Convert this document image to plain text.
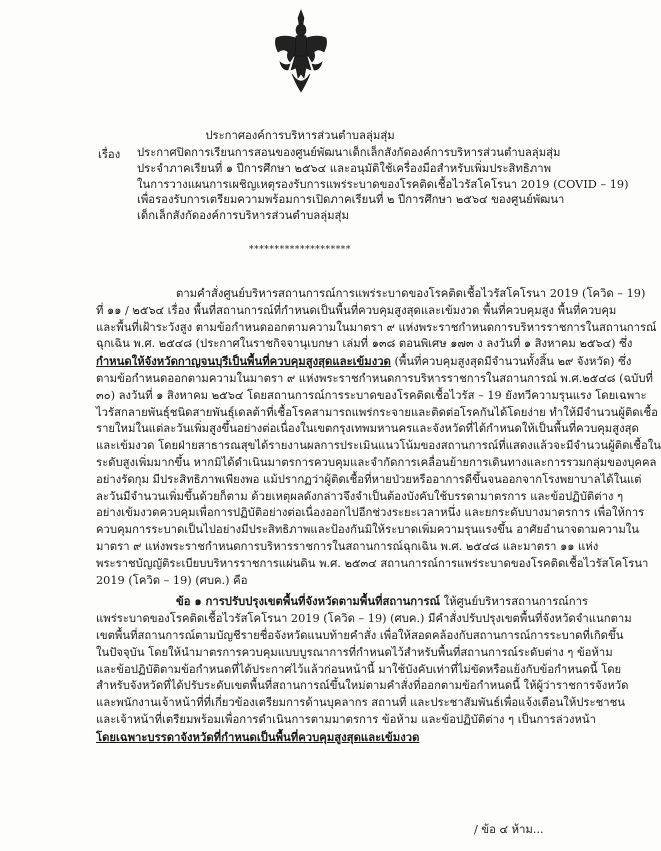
ประกาศองค์การบริหารส่วนตำบลลุ่มสุ่ม
เรื่อง ประกาศปิดการเรียนการสอนของศูนย์พัฒนาเด็กเล็กสังกัดองค์การบริหารส่วนตำบลลุ่มสุ่ม
ประจำภาคเรียนที่ ๑ ปีการศึกษา ๒๕๖๔ และอนุมัติใช้เครื่องมือสำหรับเพิ่มประสิทธิภาพ
ในการวางแผนการเผชิญเหตุรองรับการแพร่ระบาดของโรคติดเชื้อไวรัสโคโรนา 2019 (COVID – 19)
เพื่อรองรับการเตรียมความพร้อมการเปิดภาคเรียนที่ ๒ ปีการศึกษา ๒๕๖๔ ของศูนย์พัฒนา
เด็กเล็กสังกัดองค์การบริหารส่วนตำบลลุ่มสุ่ม
********************
ตามคำสั่งศูนย์บริหารสถานการณ์การแพร่ระบาดของโรคติดเชื้อไวรัสโคโรนา 2019 (โควิด – 19)
ที่ ๑๑ / ๒๕๖๔ เรื่อง พื้นที่สถานการณ์ที่กำหนดเป็นพื้นที่ควบคุมสูงสุดและเข้มงวด พื้นที่ควบคุมสูง พื้นที่ควบคุม
และพื้นที่เฝ้าระวังสูง ตามข้อกำหนดออกตามความในมาตรา ๙ แห่งพระราชกำหนดการบริหารราชการในสถานการณ์
ฉุกเฉิน พ.ศ. ๒๕๔๘ (ประกาศในราชกิจจานุเบกษา เล่มที่ ๑๓๘ ตอนพิเศษ ๑๗๓ ง ลงวันที่ ๑ สิงหาคม ๒๕๖๔) ซึ่ง
กำหนดให้จังหวัดกาญจนบุรีเป็นพื้นที่ควบคุมสูงสุดและเข้มงวด (พื้นที่ควบคุมสูงสุดมีจำนวนทั้งสิ้น ๒๙ จังหวัด) ซึ่ง
ตามข้อกำหนดออกตามความในมาตรา ๙ แห่งพระราชกำหนดการบริหารราชการในสถานการณ์ พ.ศ.๒๕๔๘ (ฉบับที่
๓๐) ลงวันที่ ๑ สิงหาคม ๒๕๖๔ โดยสถานการณ์การระบาดของโรคติดเชื้อไวรัส – 19 ยังทวีความรุนแรง โดยเฉพาะ
ไวรัสกลายพันธุ์ชนิดสายพันธุ์เดลต้าที่เชื้อโรคสามารถแพร่กระจายและติดต่อโรคกันได้โดยง่าย ทำให้มีจำนวนผู้ติดเชื้อ
รายใหม่ในแต่ละวันเพิ่มสูงขึ้นอย่างต่อเนื่องในเขตกรุงเทพมหานครและจังหวัดที่ได้กำหนดให้เป็นพื้นที่ควบคุมสูงสุด
และเข้มงวด โดยฝ่ายสาธารณสุขได้รายงานผลการประเมินแนวโน้มของสถานการณ์ที่แสดงแล้วจะมีจำนวนผู้ติดเชื้อใน
ระดับสูงเพิ่มมากขึ้น หากมิได้ดำเนินมาตรการควบคุมและจำกัดการเคลื่อนย้ายการเดินทางและการรวมกลุ่มของบุคคล
อย่างรัดกุม มีประสิทธิภาพเพียงพอ แม้ปรากฏว่าผู้ติดเชื้อที่หายป่วยหรืออาการดีขึ้นจนออกจากโรงพยาบาลได้ในแต่
ละวันมีจำนวนเพิ่มขึ้นด้วยก็ตาม ด้วยเหตุผลดังกล่าวจึงจำเป็นต้องบังคับใช้บรรดามาตรการ และข้อปฏิบัติต่าง ๆ
อย่างเข้มงวดควบคุมเพื่อการปฏิบัติอย่างต่อเนื่องออกไปอีกช่วงระยะเวลาหนึ่ง และยกระดับบางมาตรการ เพื่อให้การ
ควบคุมการระบาดเป็นไปอย่างมีประสิทธิภาพและป้องกันมิให้ระบาดเพิ่มความรุนแรงขึ้น อาศัยอำนาจตามความใน
มาตรา ๙ แห่งพระราชกำหนดการบริหารราชการในสถานการณ์ฉุกเฉิน พ.ศ. ๒๕๔๘ และมาตรา ๑๑ แห่ง
พระราชบัญญัติระเบียบบริหารราชการแผ่นดิน พ.ศ. ๒๕๓๔ สถานการณ์การแพร่ระบาดของโรคติดเชื้อไวรัสโคโรนา
2019 (โควิด – 19) (ศบค.) คือ
ข้อ ๑ การปรับปรุงเขตพื้นที่จังหวัดตามพื้นที่สถานการณ์ ให้ศูนย์บริหารสถานการณ์การ
แพร่ระบาดของโรคติดเชื้อไวรัสโคโรนา 2019 (โควิด – 19) (ศบค.) มีคำสั่งปรับปรุงเขตพื้นที่จังหวัดจำแนกตาม
เขตพื้นที่สถานการณ์ตามบัญชีรายชื่อจังหวัดแนบท้ายคำสั่ง เพื่อให้สอดคล้องกับสถานการณ์การระบาดที่เกิดขึ้น
ในปัจจุบัน โดยให้นำมาตรการควบคุมแบบบูรณาการที่กำหนดไว้สำหรับพื้นที่สถานการณ์ระดับต่าง ๆ ข้อห้าม
และข้อปฏิบัติตามข้อกำหนดที่ได้ประกาศไว้แล้วก่อนหน้านี้ มาใช้บังคับเท่าที่ไม่ขัดหรือแย้งกับข้อกำหนดนี้ โดย
สำหรับจังหวัดที่ได้ปรับระดับเขตพื้นที่สถานการณ์ขึ้นใหม่ตามคำสั่งที่ออกตามข้อกำหนดนี้ ให้ผู้ว่าราชการจังหวัด
และพนักงานเจ้าหน้าที่ที่เกี่ยวข้องเตรียมการด้านบุคลากร สถานที่ และประชาสัมพันธ์เพื่อแจ้งเตือนให้ประชาชน
และเจ้าหน้าที่เตรียมพร้อมเพื่อการดำเนินการตามมาตรการ ข้อห้าม และข้อปฏิบัติต่าง ๆ เป็นการล่วงหน้า
โดยเฉพาะบรรดาจังหวัดที่กำหนดเป็นพื้นที่ควบคุมสูงสุดและเข้มงวด
/ ข้อ ๔ ห้าม...
